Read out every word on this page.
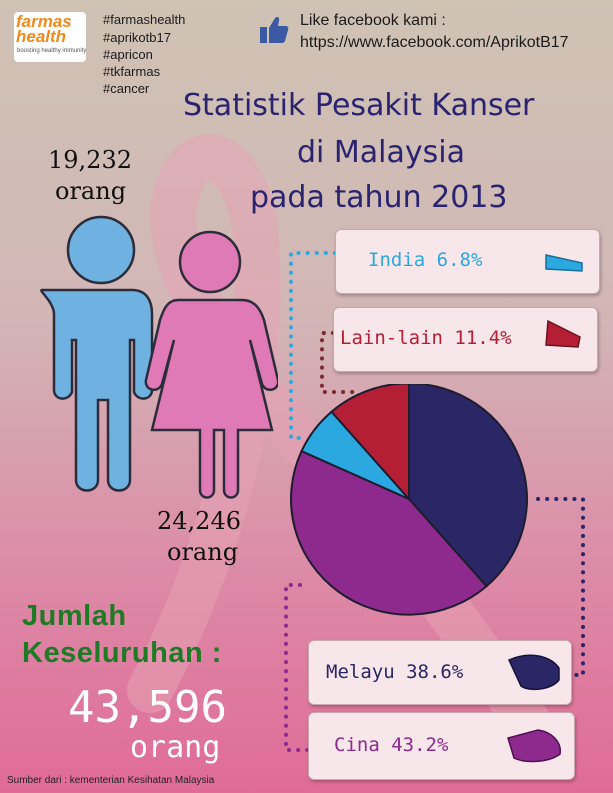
farmas
health
boosting healthy immunity
#farmashealth
#aprikotb17
#apricon
#tkfarmas
#cancer
Like facebook kami :
https://www.facebook.com/AprikotB17
Statistik Pesakit Kanser
di Malaysia
pada tahun 2013
19,232
orang
24,246
orang
India 6.8%
Lain-lain 11.4%
Melayu 38.6%
Cina 43.2%
Jumlah
Keseluruhan :
43,596
orang
Sumber dari : kementerian Kesihatan Malaysia
